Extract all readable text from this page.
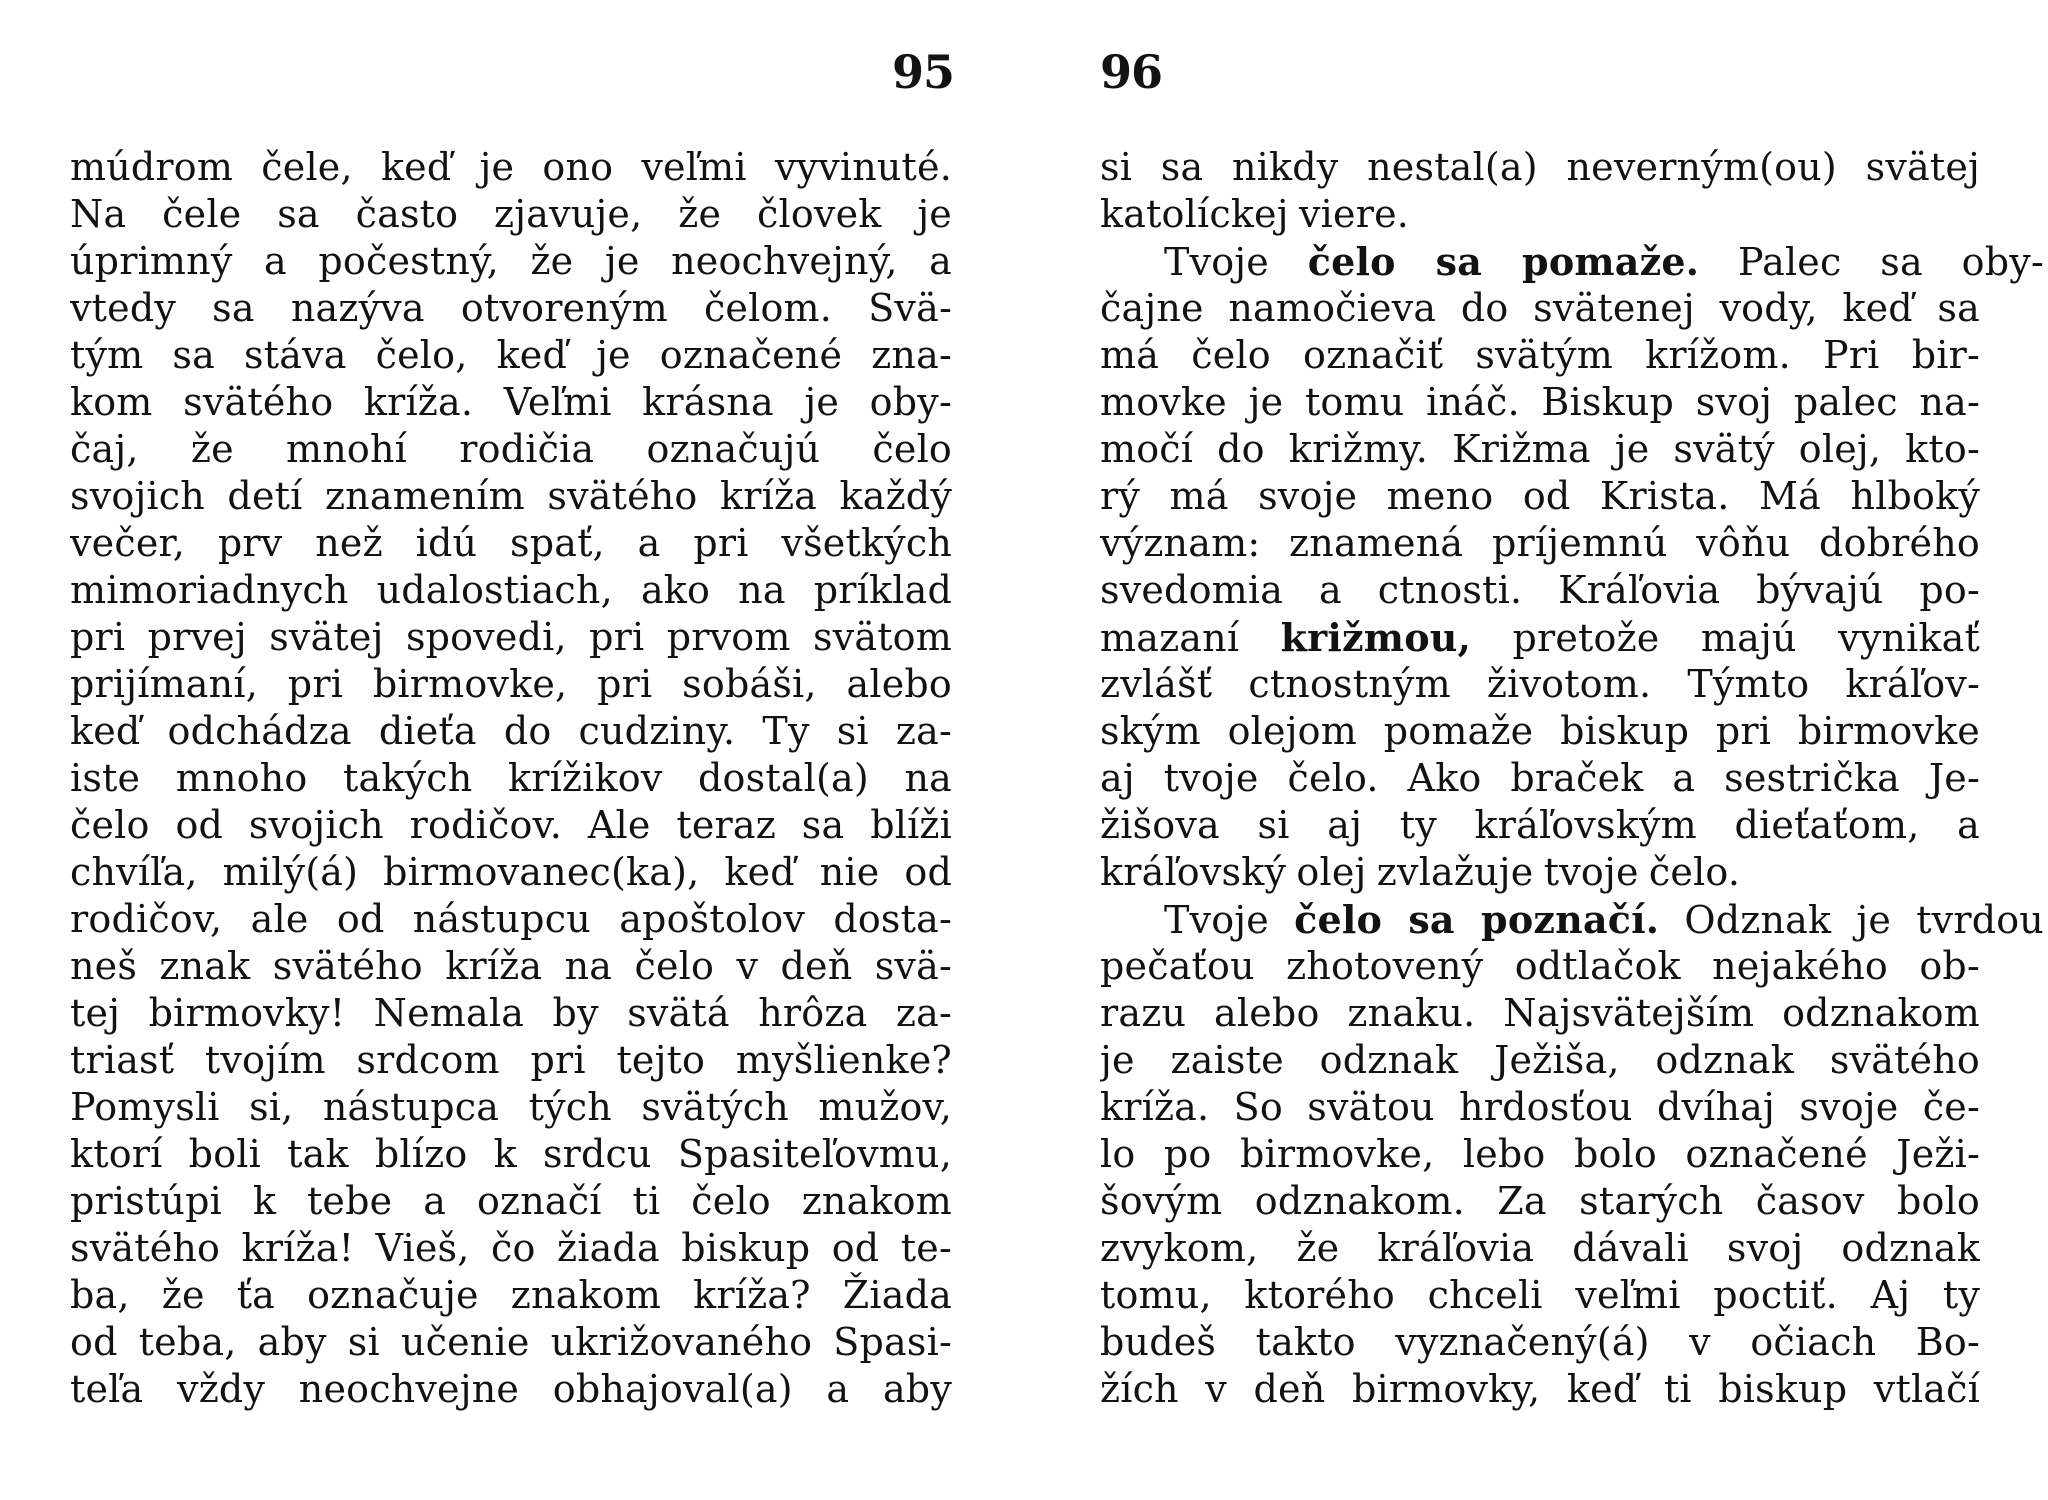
95
múdrom čele, keď je ono veľmi vyvinuté.
Na čele sa často zjavuje, že človek je
úprimný a počestný, že je neochvejný, a
vtedy sa nazýva otvoreným čelom. Svä-
tým sa stáva čelo, keď je označené zna-
kom svätého kríža. Veľmi krásna je oby-
čaj, že mnohí rodičia označujú čelo
svojich detí znamením svätého kríža každý
večer, prv než idú spať, a pri všetkých
mimoriadnych udalostiach, ako na príklad
pri prvej svätej spovedi, pri prvom svätom
prijímaní, pri birmovke, pri sobáši, alebo
keď odchádza dieťa do cudziny. Ty si za-
iste mnoho takých krížikov dostal(a) na
čelo od svojich rodičov. Ale teraz sa blíži
chvíľa, milý(á) birmovanec(ka), keď nie od
rodičov, ale od nástupcu apoštolov dosta-
neš znak svätého kríža na čelo v deň svä-
tej birmovky! Nemala by svätá hrôza za-
triasť tvojím srdcom pri tejto myšlienke?
Pomysli si, nástupca tých svätých mužov,
ktorí boli tak blízo k srdcu Spasiteľovmu,
pristúpi k tebe a označí ti čelo znakom
svätého kríža! Vieš, čo žiada biskup od te-
ba, že ťa označuje znakom kríža? Žiada
od teba, aby si učenie ukrižovaného Spasi-
teľa vždy neochvejne obhajoval(a) a aby
96
si sa nikdy nestal(a) neverným(ou) svätej
katolíckej viere.
Tvoje čelo sa pomaže. Palec sa oby-
čajne namočieva do svätenej vody, keď sa
má čelo označiť svätým krížom. Pri bir-
movke je tomu ináč. Biskup svoj palec na-
močí do križmy. Križma je svätý olej, kto-
rý má svoje meno od Krista. Má hlboký
význam: znamená príjemnú vôňu dobrého
svedomia a ctnosti. Kráľovia bývajú po-
mazaní križmou, pretože majú vynikať
zvlášť ctnostným životom. Týmto kráľov-
ským olejom pomaže biskup pri birmovke
aj tvoje čelo. Ako braček a sestrička Je-
žišova si aj ty kráľovským dieťaťom, a
kráľovský olej zvlažuje tvoje čelo.
Tvoje čelo sa poznačí. Odznak je tvrdou
pečaťou zhotovený odtlačok nejakého ob-
razu alebo znaku. Najsvätejším odznakom
je zaiste odznak Ježiša, odznak svätého
kríža. So svätou hrdosťou dvíhaj svoje če-
lo po birmovke, lebo bolo označené Ježi-
šovým odznakom. Za starých časov bolo
zvykom, že kráľovia dávali svoj odznak
tomu, ktorého chceli veľmi poctiť. Aj ty
budeš takto vyznačený(á) v očiach Bo-
žích v deň birmovky, keď ti biskup vtlačí
